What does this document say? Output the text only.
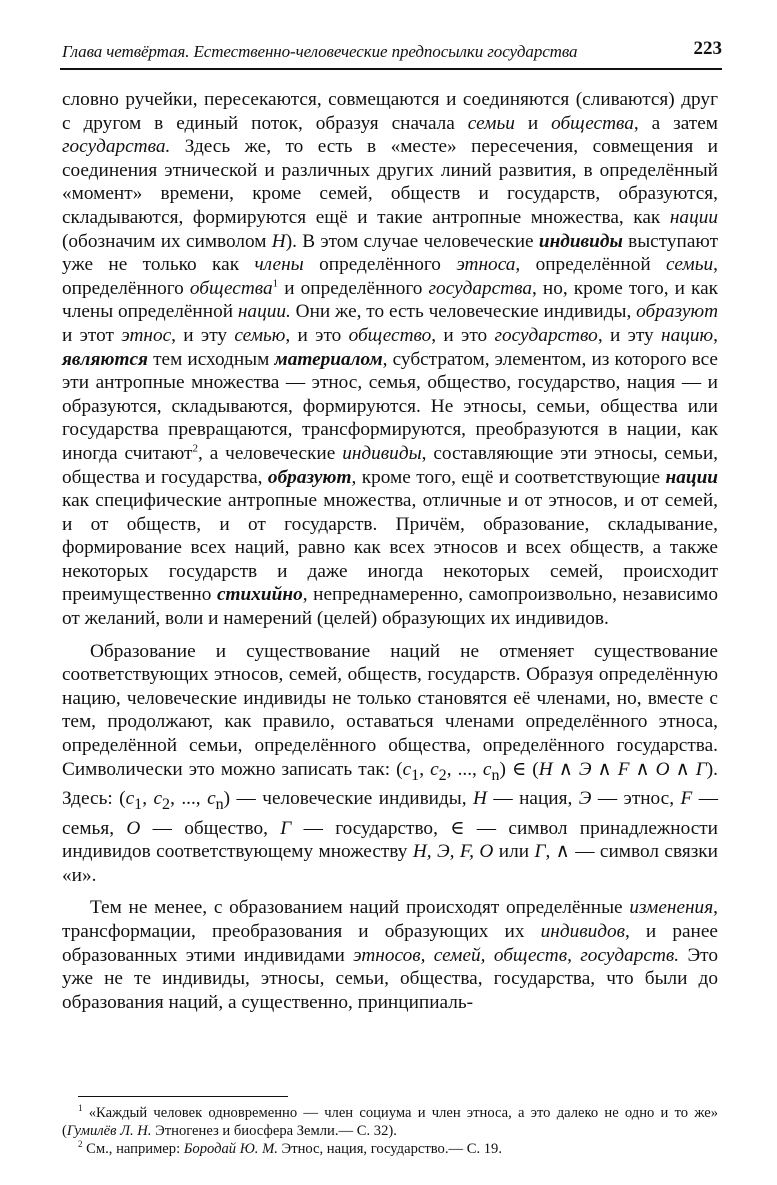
Глава четвёртая. Естественно-человеческие предпосылки государства	223

словно ручейки, пересекаются, совмещаются и соединяются (сливаются) друг с другом в единый поток, образуя сначала семьи и общества, а затем государства. Здесь же, то есть в «месте» пересечения, совмещения и соединения этнической и различных других линий развития, в определённый «момент» времени, кроме семей, обществ и государств, образуются, складываются, формируются ещё и такие антропные множества, как нации (обозначим их символом Н). В этом случае человеческие индивиды выступают уже не только как члены определённого этноса, определённой семьи, определённого общества$^1$ и определённого государства, но, кроме того, и как члены определённой нации. Они же, то есть человеческие индивиды, образуют и этот этнос, и эту семью, и это общество, и это государство, и эту нацию, являются тем исходным материалом, субстратом, элементом, из которого все эти антропные множества — этнос, семья, общество, государство, нация — и образуются, складываются, формируются. Не этносы, семьи, общества или государства превращаются, трансформируются, преобразуются в нации, как иногда считают$^2$, а человеческие индивиды, составляющие эти этносы, семьи, общества и государства, образуют, кроме того, ещё и соответствующие нации как специфические антропные множества, отличные и от этносов, и от семей, и от обществ, и от государств. Причём, образование, складывание, формирование всех наций, равно как всех этносов и всех обществ, а также некоторых государств и даже иногда некоторых семей, происходит преимущественно стихийно, непреднамеренно, самопроизвольно, независимо от желаний, воли и намерений (целей) образующих их индивидов.

Образование и существование наций не отменяет существование соответствующих этносов, семей, обществ, государств. Образуя определённую нацию, человеческие индивиды не только становятся её членами, но, вместе с тем, продолжают, как правило, оставаться членами определённого этноса, определённой семьи, определённого общества, определённого государства. Символически это можно записать так: ($c_1$, $c_2$, ..., $c_n$) ∈ (Н ∧ Э ∧ F ∧ O ∧ Г). Здесь: ($c_1$, $c_2$, ..., $c_n$) — человеческие индивиды, Н — нация, Э — этнос, F — семья, O — общество, Г — государство, ∈ — символ принадлежности индивидов соответствующему множеству Н, Э, F, O или Г, ∧ — символ связки «и».

Тем не менее, с образованием наций происходят определённые изменения, трансформации, преобразования и образующих их индивидов, и ранее образованных этими индивидами этносов, семей, обществ, государств. Это уже не те индивиды, этносы, семьи, общества, государства, что были до образования наций, а существенно, принципиаль-

$^1$ «Каждый человек одновременно — член социума и член этноса, а это далеко не одно и то же» (Гумилёв Л. Н. Этногенез и биосфера Земли.— С. 32).

$^2$ См., например: Бородай Ю. М. Этнос, нация, государство.— С. 19.
